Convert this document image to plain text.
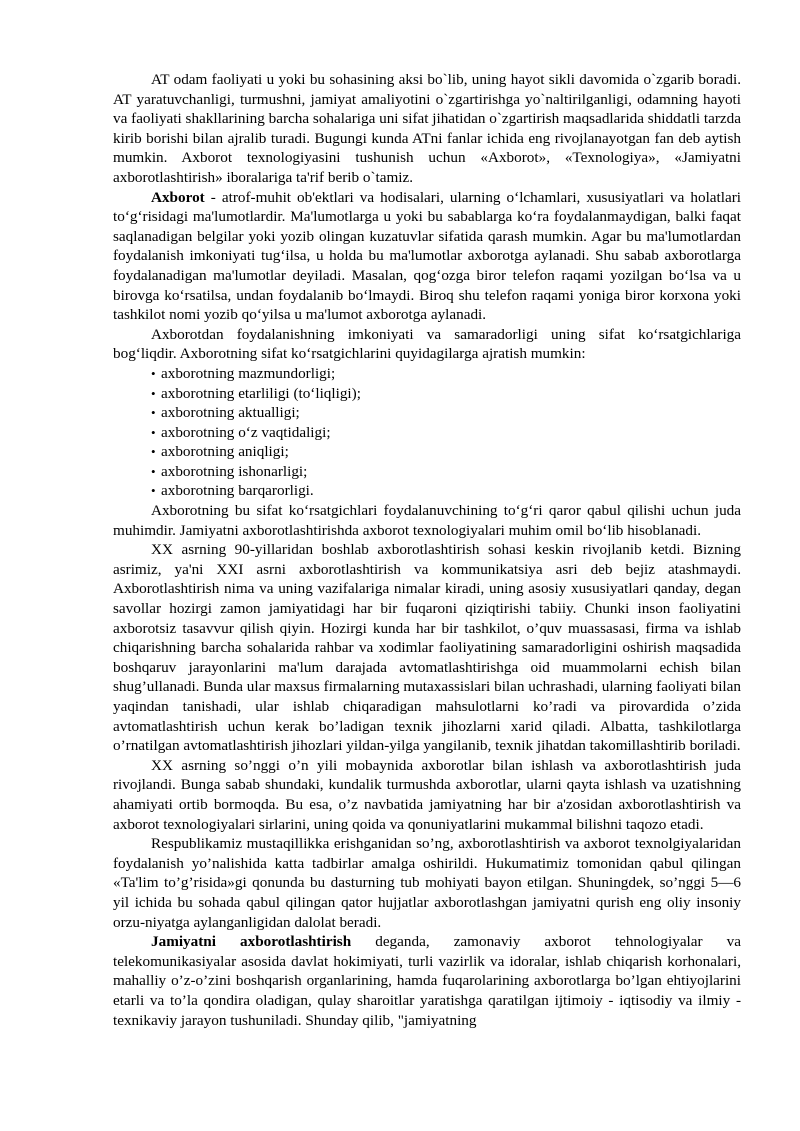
AT odam faoliyati u yoki bu sohasining aksi bo`lib, uning hayot sikli davomida o`zgarib boradi. AT yaratuvchanligi, turmushni, jamiyat amaliyotini o`zgartirishga yo`naltirilganligi, odamning hayoti va faoliyati shakllarining barcha sohalariga uni sifat jihatidan o`zgartirish maqsadlarida shiddatli tarzda kirib borishi bilan ajralib turadi. Bugungi kunda ATni fanlar ichida eng rivojlanayotgan fan deb aytish mumkin. Axborot texnologiyasini tushunish uchun «Axborot», «Texnologiya», «Jamiyatni axborotlashtirish» iboralariga ta'rif berib o`tamiz.

Axborot - atrof-muhit ob'ektlari va hodisalari, ularning o‘lchamlari, xususiyatlari va holatlari to‘g‘risidagi ma'lumotlardir. Ma'lumotlarga u yoki bu sabablarga ko‘ra foydalanmaydigan, balki faqat saqlanadigan belgilar yoki yozib olingan kuzatuvlar sifatida qarash mumkin. Agar bu ma'lumotlardan foydalanish imkoniyati tug‘ilsa, u holda bu ma'lumotlar axborotga aylanadi. Shu sabab axborotlarga foydalanadigan ma'lumotlar deyiladi. Masalan, qog‘ozga biror telefon raqami yozilgan bo‘lsa va u birovga ko‘rsatilsa, undan foydalanib bo‘lmaydi. Biroq shu telefon raqami yoniga biror korxona yoki tashkilot nomi yozib qo‘yilsa u ma'lumot axborotga aylanadi.

Axborotdan foydalanishning imkoniyati va samaradorligi uning sifat ko‘rsatgichlariga bog‘liqdir. Axborotning sifat ko‘rsatgichlarini quyidagilarga ajratish mumkin:

• axborotning mazmundorligi;
• axborotning etarliligi (to‘liqligi);
• axborotning aktualligi;
• axborotning o‘z vaqtidaligi;
• axborotning aniqligi;
• axborotning ishonarligi;
• axborotning barqarorligi.

Axborotning bu sifat ko‘rsatgichlari foydalanuvchining to‘g‘ri qaror qabul qilishi uchun juda muhimdir. Jamiyatni axborotlashtirishda axborot texnologiyalari muhim omil bo‘lib hisoblanadi.

XX asrning 90-yillaridan boshlab axborotlashtirish sohasi keskin rivojlanib ketdi. Bizning asrimiz, ya'ni XXI asrni axborotlashtirish va kommunikatsiya asri deb bejiz atashmaydi. Axborotlashtirish nima va uning vazifalariga nimalar kiradi, uning asosiy xususiyatlari qanday, degan savollar hozirgi zamon jamiyatidagi har bir fuqaroni qiziqtirishi tabiiy. Chunki inson faoliyatini axborotsiz tasavvur qilish qiyin. Hozirgi kunda har bir tashkilot, o’quv muassasasi, firma va ishlab chiqarishning barcha sohalarida rahbar va xodimlar faoliyatining samaradorligini oshirish maqsadida boshqaruv jarayonlarini ma'lum darajada avtomatlashtirishga oid muammolarni echish bilan shug’ullanadi. Bunda ular maxsus firmalarning mutaxassislari bilan uchrashadi, ularning faoliyati bilan yaqindan tanishadi, ular ishlab chiqaradigan mahsulotlarni ko’radi va pirovardida o’zida avtomatlashtirish uchun kerak bo’ladigan texnik jihozlarni xarid qiladi. Albatta, tashkilotlarga o’rnatilgan avtomatlashtirish jihozlari yildan-yilga yangilanib, texnik jihatdan takomillashtirib boriladi.

XX asrning so’nggi o’n yili mobaynida axborotlar bilan ishlash va axborotlashtirish juda rivojlandi. Bunga sabab shundaki, kundalik turmushda axborotlar, ularni qayta ishlash va uzatishning ahamiyati ortib bormoqda. Bu esa, o’z navbatida jamiyatning har bir a'zosidan axborotlashtirish va axborot texnologiyalari sirlarini, uning qoida va qonuniyatlarini mukammal bilishni taqozo etadi.

Respublikamiz mustaqillikka erishganidan so’ng, axborotlashtirish va axborot texnolgiyalaridan foydalanish yo’nalishida katta tadbirlar amalga oshirildi. Hukumatimiz tomonidan qabul qilingan «Ta'lim to’g’risida»gi qonunda bu dasturning tub mohiyati bayon etilgan. Shuningdek, so’nggi 5—6 yil ichida bu sohada qabul qilingan qator hujjatlar axborotlashgan jamiyatni qurish eng oliy insoniy orzu-niyatga aylanganligidan dalolat beradi.

Jamiyatni axborotlashtirish deganda, zamonaviy axborot tehnologiyalar va telekomunikasiyalar asosida davlat hokimiyati, turli vazirlik va idoralar, ishlab chiqarish korhonalari, mahalliy o’z-o’zini boshqarish organlarining, hamda fuqarolarining axborotlarga bo’lgan ehtiyojlarini etarli va to’la qondira oladigan, qulay sharoitlar yaratishga qaratilgan ijtimoiy - iqtisodiy va ilmiy - texnikaviy jarayon tushuniladi. Shunday qilib, "jamiyatning
